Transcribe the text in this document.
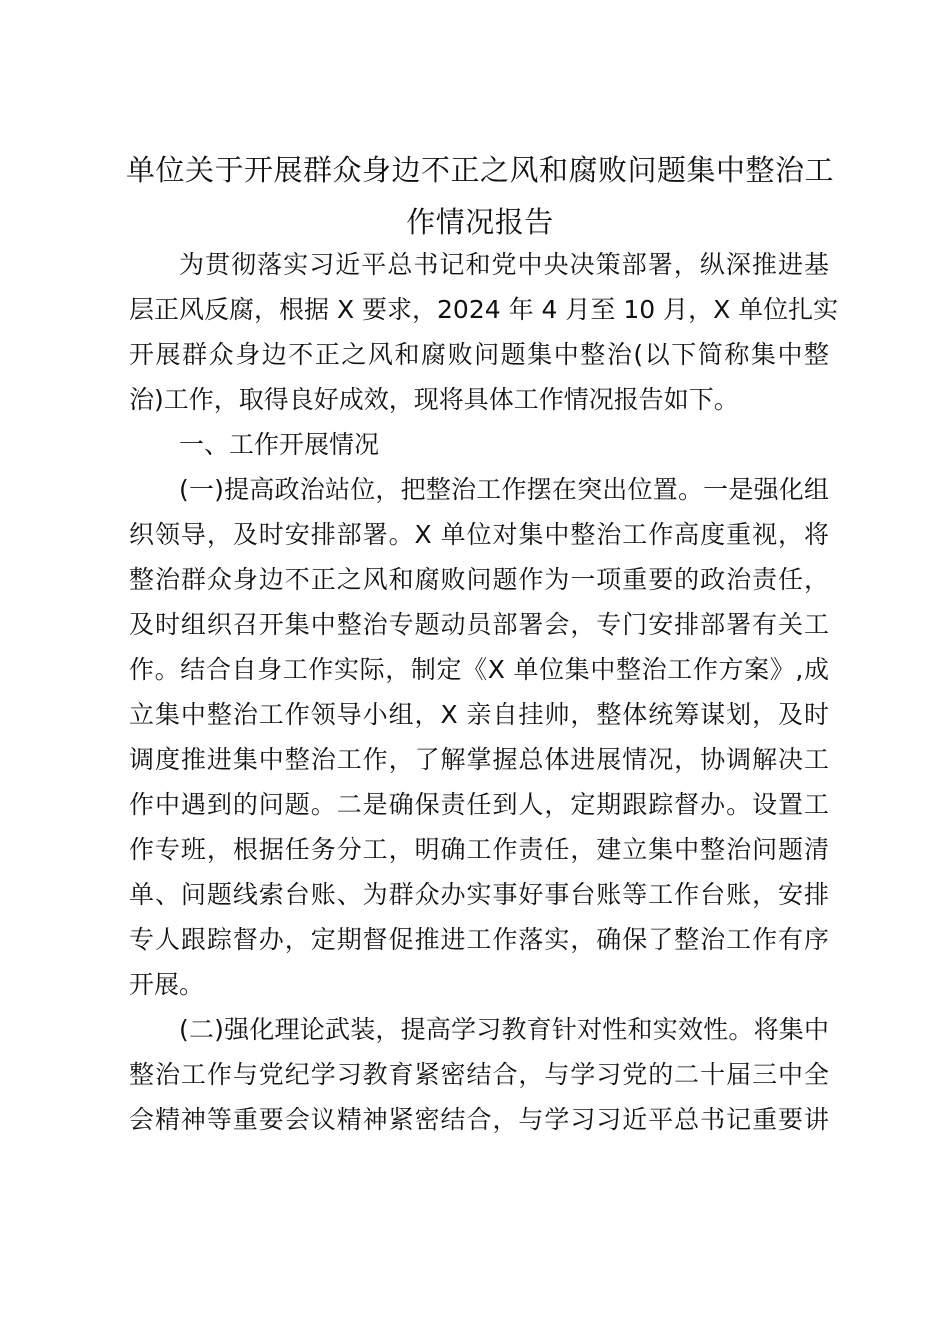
单位关于开展群众身边不正之风和腐败问题集中整治工
作情况报告

为贯彻落实习近平总书记和党中央决策部署，纵深推进基

层正风反腐，根据 X 要求，2024 年 4 月至 10 月，X 单位扎实

开展群众身边不正之风和腐败问题集中整治(以下简称集中整

治)工作，取得良好成效，现将具体工作情况报告如下。

一、工作开展情况

(一)提高政治站位，把整治工作摆在突出位置。一是强化组

织领导，及时安排部署。X 单位对集中整治工作高度重视，将

整治群众身边不正之风和腐败问题作为一项重要的政治责任，

及时组织召开集中整治专题动员部署会，专门安排部署有关工

作。结合自身工作实际，制定《X 单位集中整治工作方案》,成

立集中整治工作领导小组，X 亲自挂帅，整体统筹谋划，及时

调度推进集中整治工作，了解掌握总体进展情况，协调解决工

作中遇到的问题。二是确保责任到人，定期跟踪督办。设置工

作专班，根据任务分工，明确工作责任，建立集中整治问题清

单、问题线索台账、为群众办实事好事台账等工作台账，安排

专人跟踪督办，定期督促推进工作落实，确保了整治工作有序

开展。

(二)强化理论武装，提高学习教育针对性和实效性。将集中

整治工作与党纪学习教育紧密结合，与学习党的二十届三中全

会精神等重要会议精神紧密结合，与学习习近平总书记重要讲
